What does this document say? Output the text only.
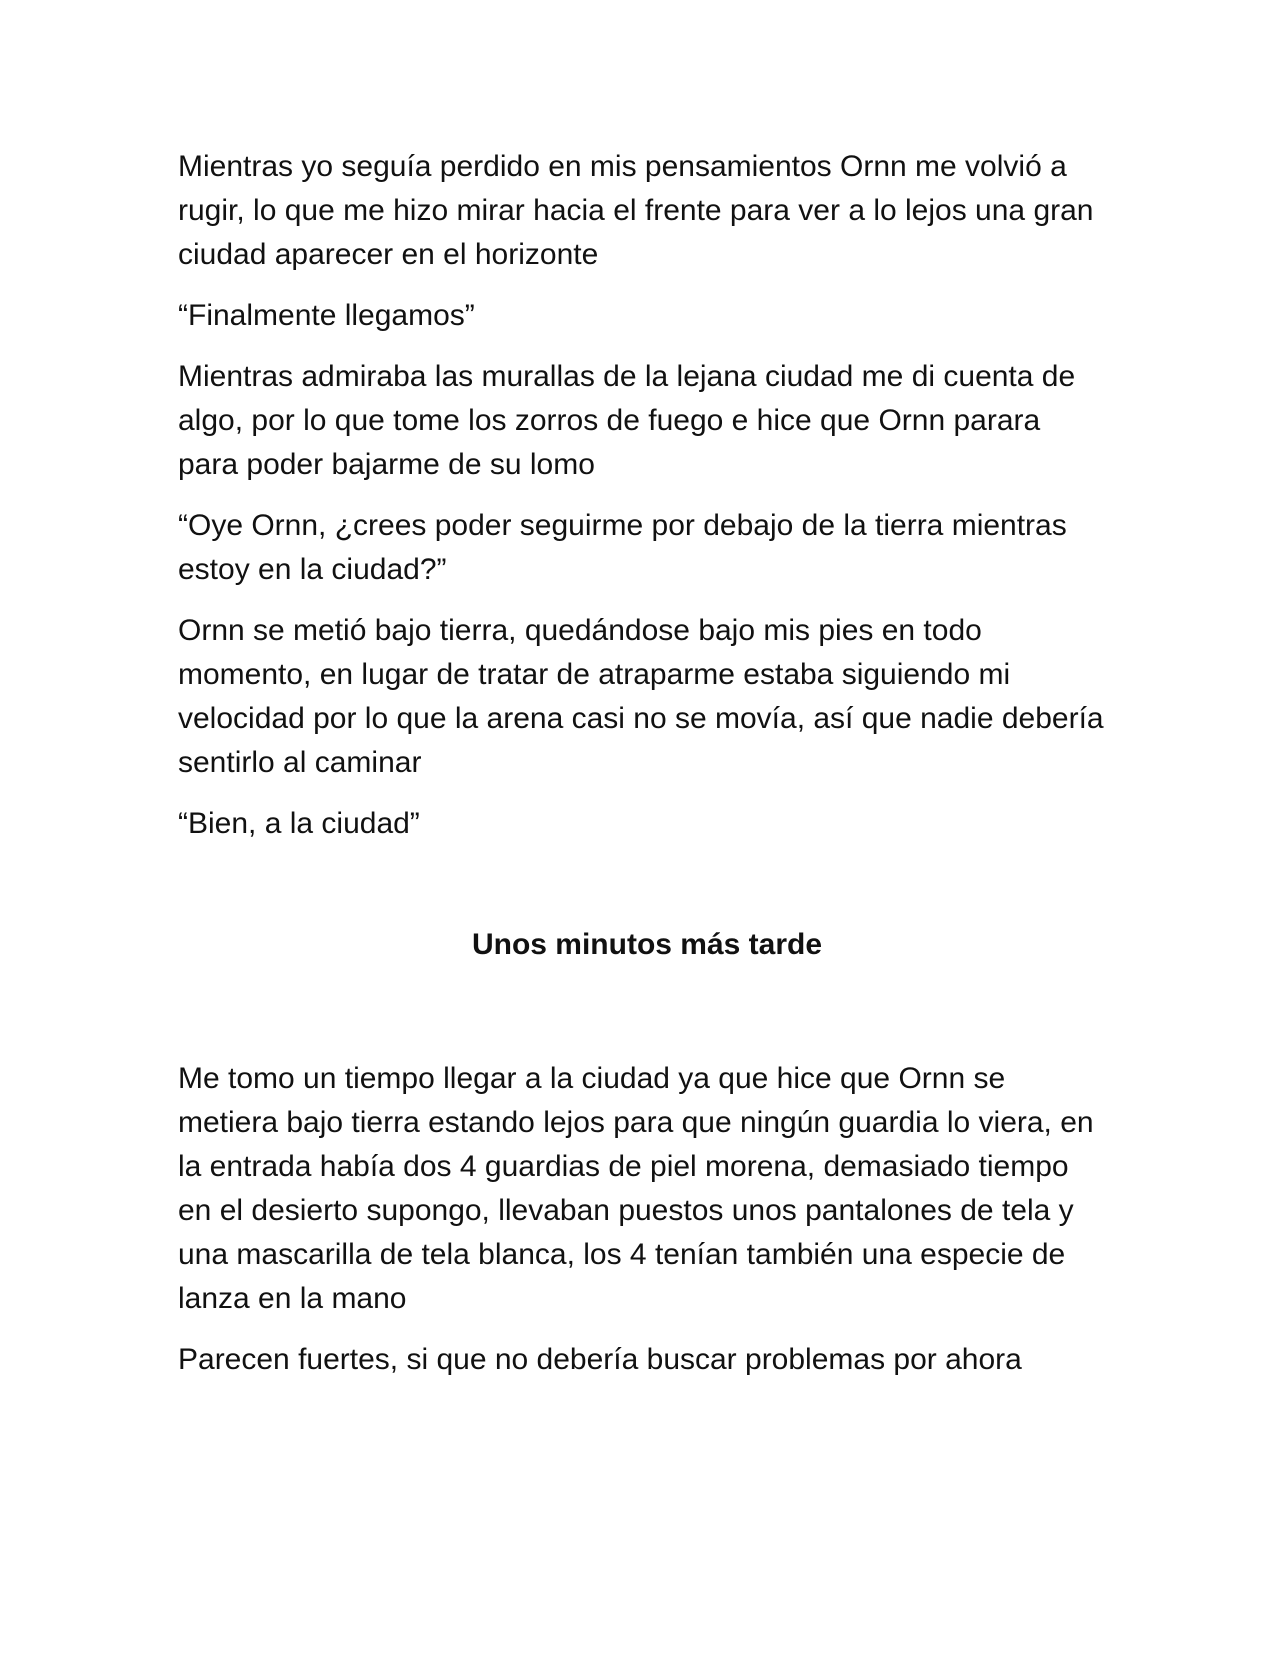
Mientras yo seguía perdido en mis pensamientos Ornn me volvió a rugir, lo que me hizo mirar hacia el frente para ver a lo lejos una gran ciudad aparecer en el horizonte

“Finalmente llegamos”

Mientras admiraba las murallas de la lejana ciudad me di cuenta de algo, por lo que tome los zorros de fuego e hice que Ornn parara para poder bajarme de su lomo

“Oye Ornn, ¿crees poder seguirme por debajo de la tierra mientras estoy en la ciudad?”

Ornn se metió bajo tierra, quedándose bajo mis pies en todo momento, en lugar de tratar de atraparme estaba siguiendo mi velocidad por lo que la arena casi no se movía, así que nadie debería sentirlo al caminar

“Bien, a la ciudad”

Unos minutos más tarde

Me tomo un tiempo llegar a la ciudad ya que hice que Ornn se metiera bajo tierra estando lejos para que ningún guardia lo viera, en la entrada había dos 4 guardias de piel morena, demasiado tiempo en el desierto supongo, llevaban puestos unos pantalones de tela y una mascarilla de tela blanca, los 4 tenían también una especie de lanza en la mano

Parecen fuertes, si que no debería buscar problemas por ahora
